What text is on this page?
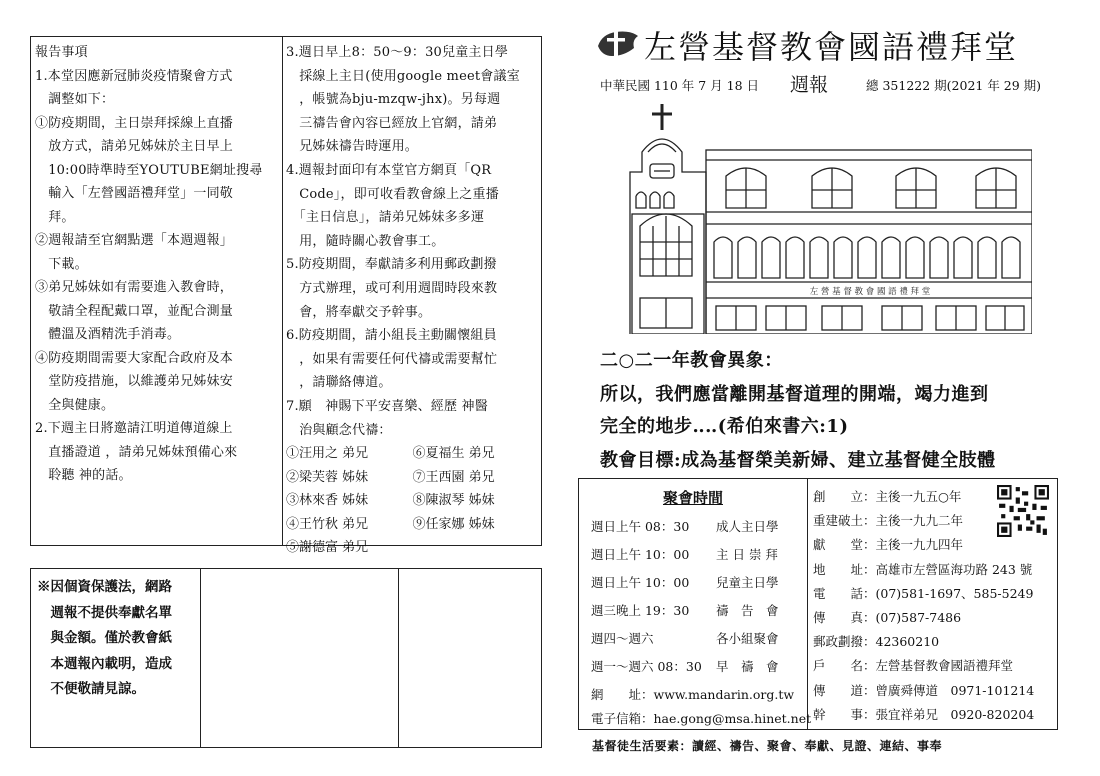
報告事項
1.本堂因應新冠肺炎疫情聚會方式
　調整如下：
①防疫期間，主日崇拜採線上直播
　放方式，請弟兄姊妹於主日早上
　10:00時準時至YOUTUBE網址搜尋
　輸入「左營國語禮拜堂」一同敬
　拜。
②週報請至官網點選「本週週報」
　下載。
③弟兄姊妹如有需要進入教會時，
　敬請全程配戴口罩，並配合測量
　體溫及酒精洗手消毒。
④防疫期間需要大家配合政府及本
　堂防疫措施，以維護弟兄姊妹安
　全與健康。
2.下週主日將邀請江明道傳道線上
　直播證道 ，請弟兄姊妹預備心來
　聆聽 神的話。
3.週日早上8：50～9：30兒童主日學
　採線上主日(使用google meet會議室
　，帳號為bju-mzqw-jhx)。另每週
　三禱告會內容已經放上官網，請弟
　兄姊妹禱告時運用。
4.週報封面印有本堂官方網頁「QR
　Code」，即可收看教會線上之重播
　「主日信息」，請弟兄姊妹多多運
　用，隨時關心教會事工。
5.防疫期間，奉獻請多利用郵政劃撥
　方式辦理，或可利用週間時段來教
　會，將奉獻交予幹事。
6.防疫期間，請小組長主動關懷組員
　，如果有需要任何代禱或需要幫忙
　，請聯絡傳道。
7.願　神賜下平安喜樂、經歷 神醫
　治與顧念代禱：
①汪用之 弟兄	⑥夏福生 弟兄
②梁芙蓉 姊妹	⑦王西園 弟兄
③林來香 姊妹	⑧陳淑琴 姊妹
④王竹秋 弟兄	⑨任家娜 姊妹
⑤謝德富 弟兄
※因個資保護法，網路
　週報不提供奉獻名單
　與金額。僅於教會紙
　本週報內載明，造成
　不便敬請見諒。
左營基督教會國語禮拜堂
中華民國 110 年 7 月 18 日 週報	總 351222 期(2021 年 29 期)
左 營 基 督 教 會 國 語 禮 拜 堂
二○二一年教會異象：
所以，我們應當離開基督道理的開端，竭力進到
完全的地步‥‥(希伯來書六:1)
教會目標:成為基督榮美新婦、建立基督健全肢體
聚會時間
週日上午 08：30 成人主日學
週日上午 10：00 主 日 崇 拜
週日上午 10：00 兒童主日學
週三晚上 19：30 禱　告　會
週四～週六	各小組聚會
週一～週六 08：30 早　禱　會
網　　址：www.mandarin.org.tw
電子信箱：hae.gong@msa.hinet.net
創　　立：主後一九五○年
重建破土：主後一九九二年
獻　　堂：主後一九九四年
地　　址：高雄市左營區海功路 243 號
電　　話：(07)581-1697、585-5249
傳　　真：(07)587-7486
郵政劃撥：42360210
戶　　名：左營基督教會國語禮拜堂
傳　　道：曾廣舜傳道　0971-101214
幹　　事：張宜祥弟兄　0920-820204
基督徒生活要素：讀經、禱告、聚會、奉獻、見證、連結、事奉
